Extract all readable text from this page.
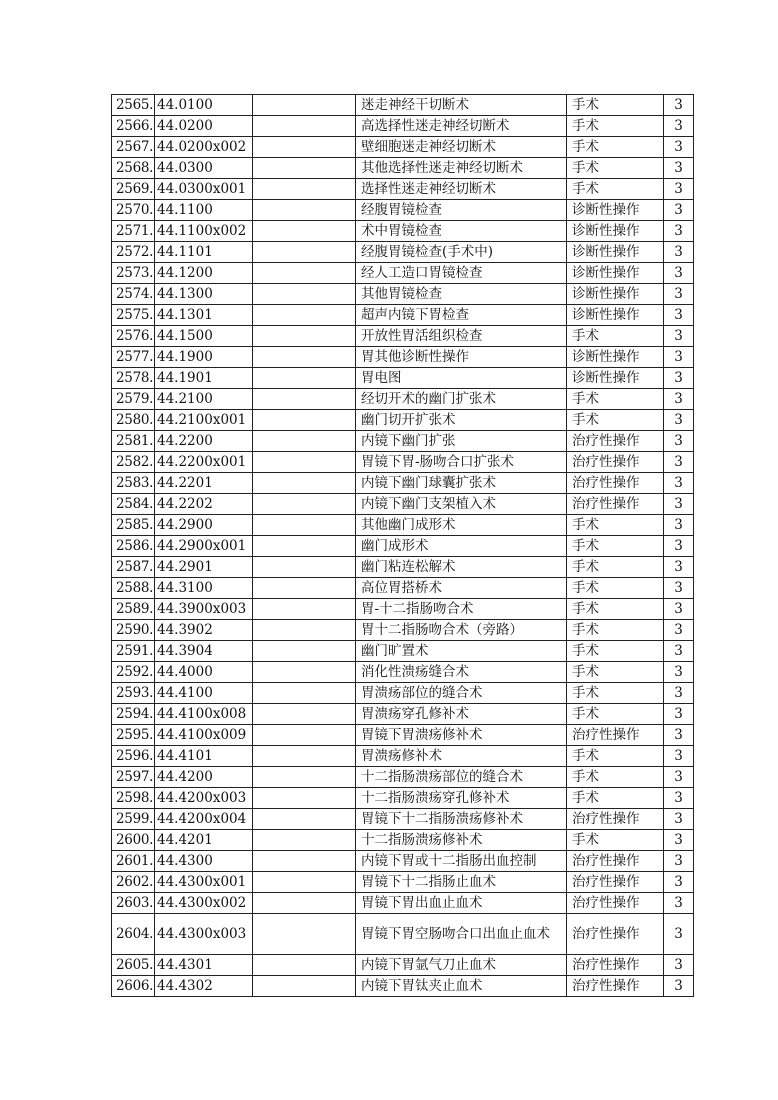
2565 .	44.0100		迷走神经干切断术	手术	3
2566 .	44.0200		高选择性迷走神经切断术	手术	3
2567 .	44.0200x002		壁细胞迷走神经切断术	手术	3
2568 .	44.0300		其他选择性迷走神经切断术	手术	3
2569 .	44.0300x001		选择性迷走神经切断术	手术	3
2570 .	44.1100		经腹胃镜检查	诊断性操作	3
2571 .	44.1100x002		术中胃镜检查	诊断性操作	3
2572 .	44.1101		经腹胃镜检查(手术中)	诊断性操作	3
2573 .	44.1200		经人工造口胃镜检查	诊断性操作	3
2574 .	44.1300		其他胃镜检查	诊断性操作	3
2575 .	44.1301		超声内镜下胃检查	诊断性操作	3
2576 .	44.1500		开放性胃活组织检查	手术	3
2577 .	44.1900		胃其他诊断性操作	诊断性操作	3
2578 .	44.1901		胃电图	诊断性操作	3
2579 .	44.2100		经切开术的幽门扩张术	手术	3
2580 .	44.2100x001		幽门切开扩张术	手术	3
2581 .	44.2200		内镜下幽门扩张	治疗性操作	3
2582 .	44.2200x001		胃镜下胃-肠吻合口扩张术	治疗性操作	3
2583 .	44.2201		内镜下幽门球囊扩张术	治疗性操作	3
2584 .	44.2202		内镜下幽门支架植入术	治疗性操作	3
2585 .	44.2900		其他幽门成形术	手术	3
2586 .	44.2900x001		幽门成形术	手术	3
2587 .	44.2901		幽门粘连松解术	手术	3
2588 .	44.3100		高位胃搭桥术	手术	3
2589 .	44.3900x003		胃-十二指肠吻合术	手术	3
2590 .	44.3902		胃十二指肠吻合术（旁路）	手术	3
2591 .	44.3904		幽门旷置术	手术	3
2592 .	44.4000		消化性溃疡缝合术	手术	3
2593 .	44.4100		胃溃疡部位的缝合术	手术	3
2594 .	44.4100x008		胃溃疡穿孔修补术	手术	3
2595 .	44.4100x009		胃镜下胃溃疡修补术	治疗性操作	3
2596 .	44.4101		胃溃疡修补术	手术	3
2597 .	44.4200		十二指肠溃疡部位的缝合术	手术	3
2598 .	44.4200x003		十二指肠溃疡穿孔修补术	手术	3
2599 .	44.4200x004		胃镜下十二指肠溃疡修补术	治疗性操作	3
2600 .	44.4201		十二指肠溃疡修补术	手术	3
2601 .	44.4300		内镜下胃或十二指肠出血控制	治疗性操作	3
2602 .	44.4300x001		胃镜下十二指肠止血术	治疗性操作	3
2603 .	44.4300x002		胃镜下胃出血止血术	治疗性操作	3
2604 .	44.4300x003		胃镜下胃空肠吻合口出血止血术	治疗性操作	3
2605 .	44.4301		内镜下胃氩气刀止血术	治疗性操作	3
2606 .	44.4302		内镜下胃钛夹止血术	治疗性操作	3
